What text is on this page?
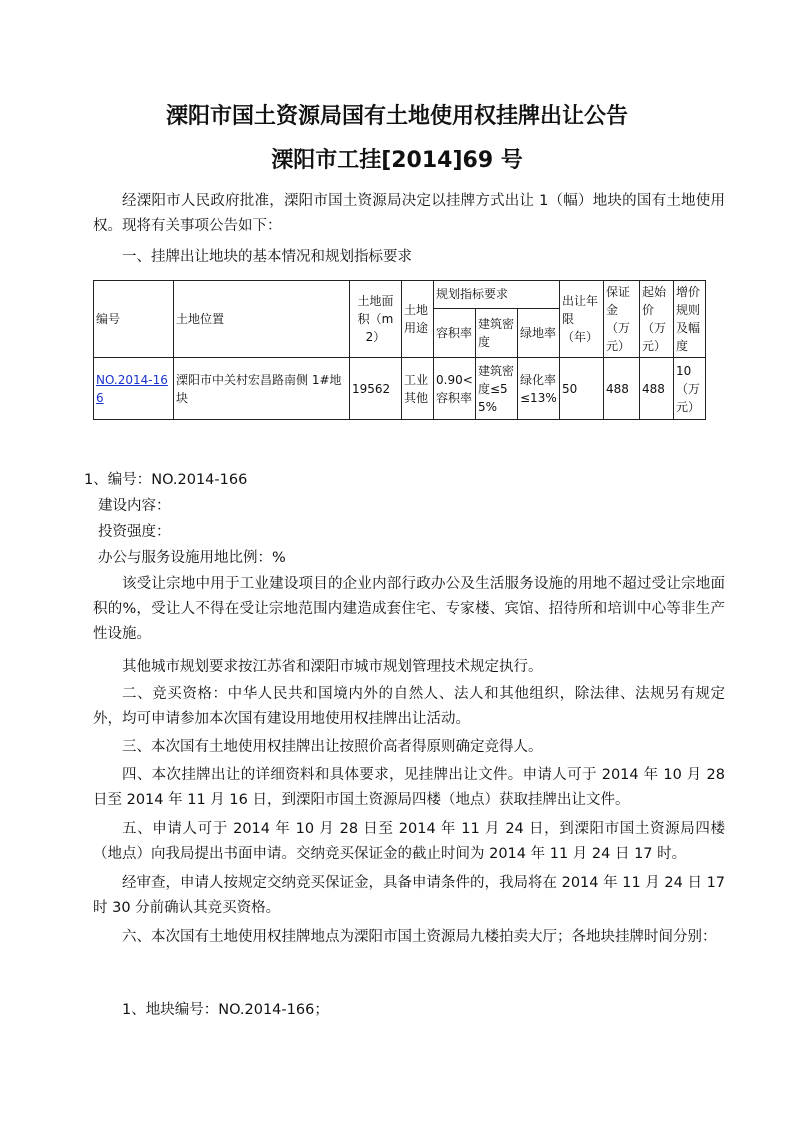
溧阳市国土资源局国有土地使用权挂牌出让公告
溧阳市工挂[2014]69 号

经溧阳市人民政府批准，溧阳市国土资源局决定以挂牌方式出让 1（幅）地块的国有土地使用权。现将有关事项公告如下：

一、挂牌出让地块的基本情况和规划指标要求

编号	土地位置	土地面积（m2）	土地用途	规划指标要求			出让年限（年）	保证金（万元）	起始价（万元）	增价规则及幅度
				容积率	建筑密度	绿地率				
NO.2014-166	溧阳市中关村宏昌路南侧 1#地块	19562	工业其他	0.90<容积率	建筑密度≤55%	绿化率≤13%	50	488	488	10（万元）

1、编号：NO.2014-166

建设内容：

投资强度：

办公与服务设施用地比例：%

该受让宗地中用于工业建设项目的企业内部行政办公及生活服务设施的用地不超过受让宗地面积的%，受让人不得在受让宗地范围内建造成套住宅、专家楼、宾馆、招待所和培训中心等非生产性设施。

其他城市规划要求按江苏省和溧阳市城市规划管理技术规定执行。

二、竞买资格：中华人民共和国境内外的自然人、法人和其他组织，除法律、法规另有规定外，均可申请参加本次国有建设用地使用权挂牌出让活动。

三、本次国有土地使用权挂牌出让按照价高者得原则确定竞得人。

四、本次挂牌出让的详细资料和具体要求，见挂牌出让文件。申请人可于 2014 年 10 月 28 日至 2014 年 11 月 16 日，到溧阳市国土资源局四楼（地点）获取挂牌出让文件。

五、申请人可于 2014 年 10 月 28 日至 2014 年 11 月 24 日，到溧阳市国土资源局四楼（地点）向我局提出书面申请。交纳竞买保证金的截止时间为 2014 年 11 月 24 日 17 时。

经审查，申请人按规定交纳竞买保证金，具备申请条件的，我局将在 2014 年 11 月 24 日 17 时 30 分前确认其竞买资格。

六、本次国有土地使用权挂牌地点为溧阳市国土资源局九楼拍卖大厅；各地块挂牌时间分别：

1、地块编号：NO.2014-166；
